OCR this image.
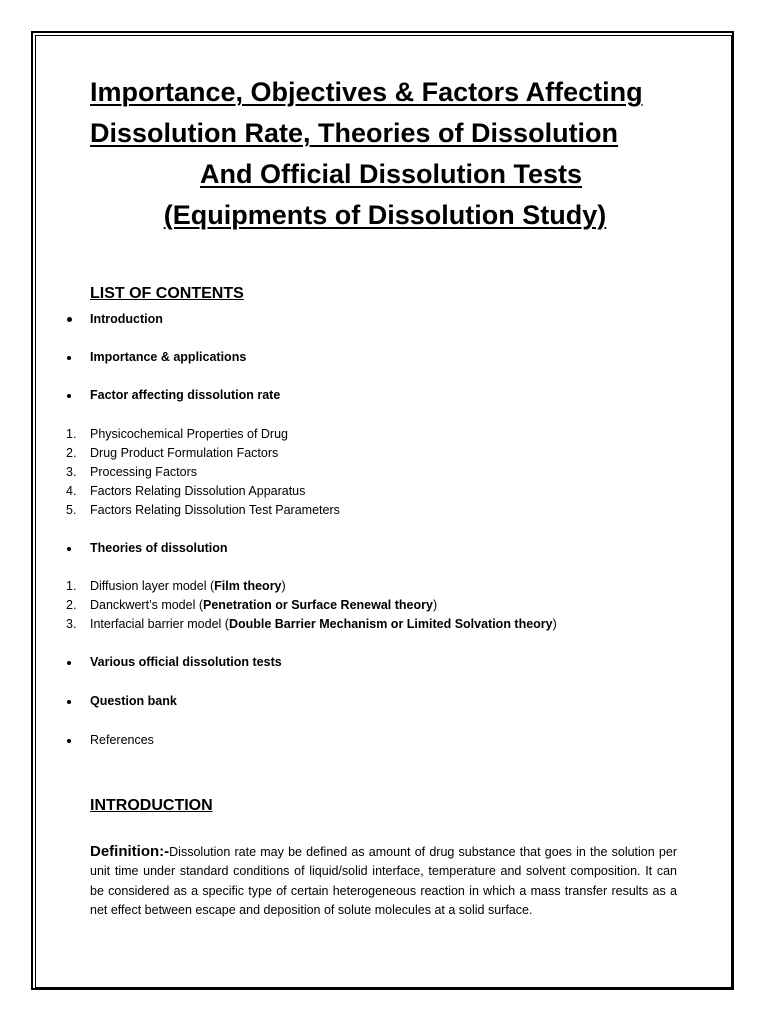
Importance, Objectives & Factors Affecting
Dissolution Rate, Theories of Dissolution
And Official Dissolution Tests
(Equipments of Dissolution Study)
LIST OF CONTENTS
Introduction
Importance & applications
Factor affecting dissolution rate
1.	Physicochemical Properties of Drug
2.	Drug Product Formulation Factors
3.	Processing Factors
4.	Factors Relating Dissolution Apparatus
5.	Factors Relating Dissolution Test Parameters
Theories of dissolution
1.	Diffusion layer model (Film theory)
2.	Danckwert’s model (Penetration or Surface Renewal theory)
3.	Interfacial barrier model (Double Barrier Mechanism or Limited Solvation theory)
Various official dissolution tests
Question bank
References
INTRODUCTION
Definition:-Dissolution rate may be defined as amount of drug substance that goes in the solution per unit time under standard conditions of liquid/solid interface, temperature and solvent composition. It can be considered as a specific type of certain heterogeneous reaction in which a mass transfer results as a net effect between escape and deposition of solute molecules at a solid surface.
